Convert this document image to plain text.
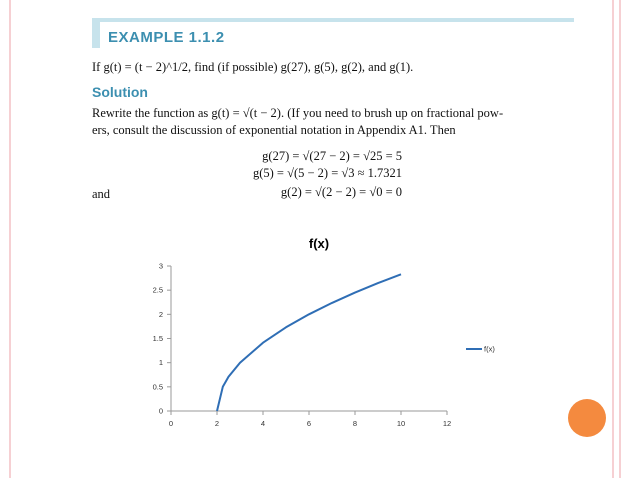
EXAMPLE 1.1.2
If g(t) = (t − 2)^1/2, find (if possible) g(27), g(5), g(2), and g(1).
Solution
Rewrite the function as g(t) = √(t − 2). (If you need to brush up on fractional pow-
ers, consult the discussion of exponential notation in Appendix A1. Then
g(27) = √(27 − 2) = √25 = 5
g(5) = √(5 − 2) = √3 ≈ 1.7321
and	g(2) = √(2 − 2) = √0 = 0
f(x)
0
0.5
1
1.5
2
2.5
3
0	2	4	6	8	10	12
f(x)
